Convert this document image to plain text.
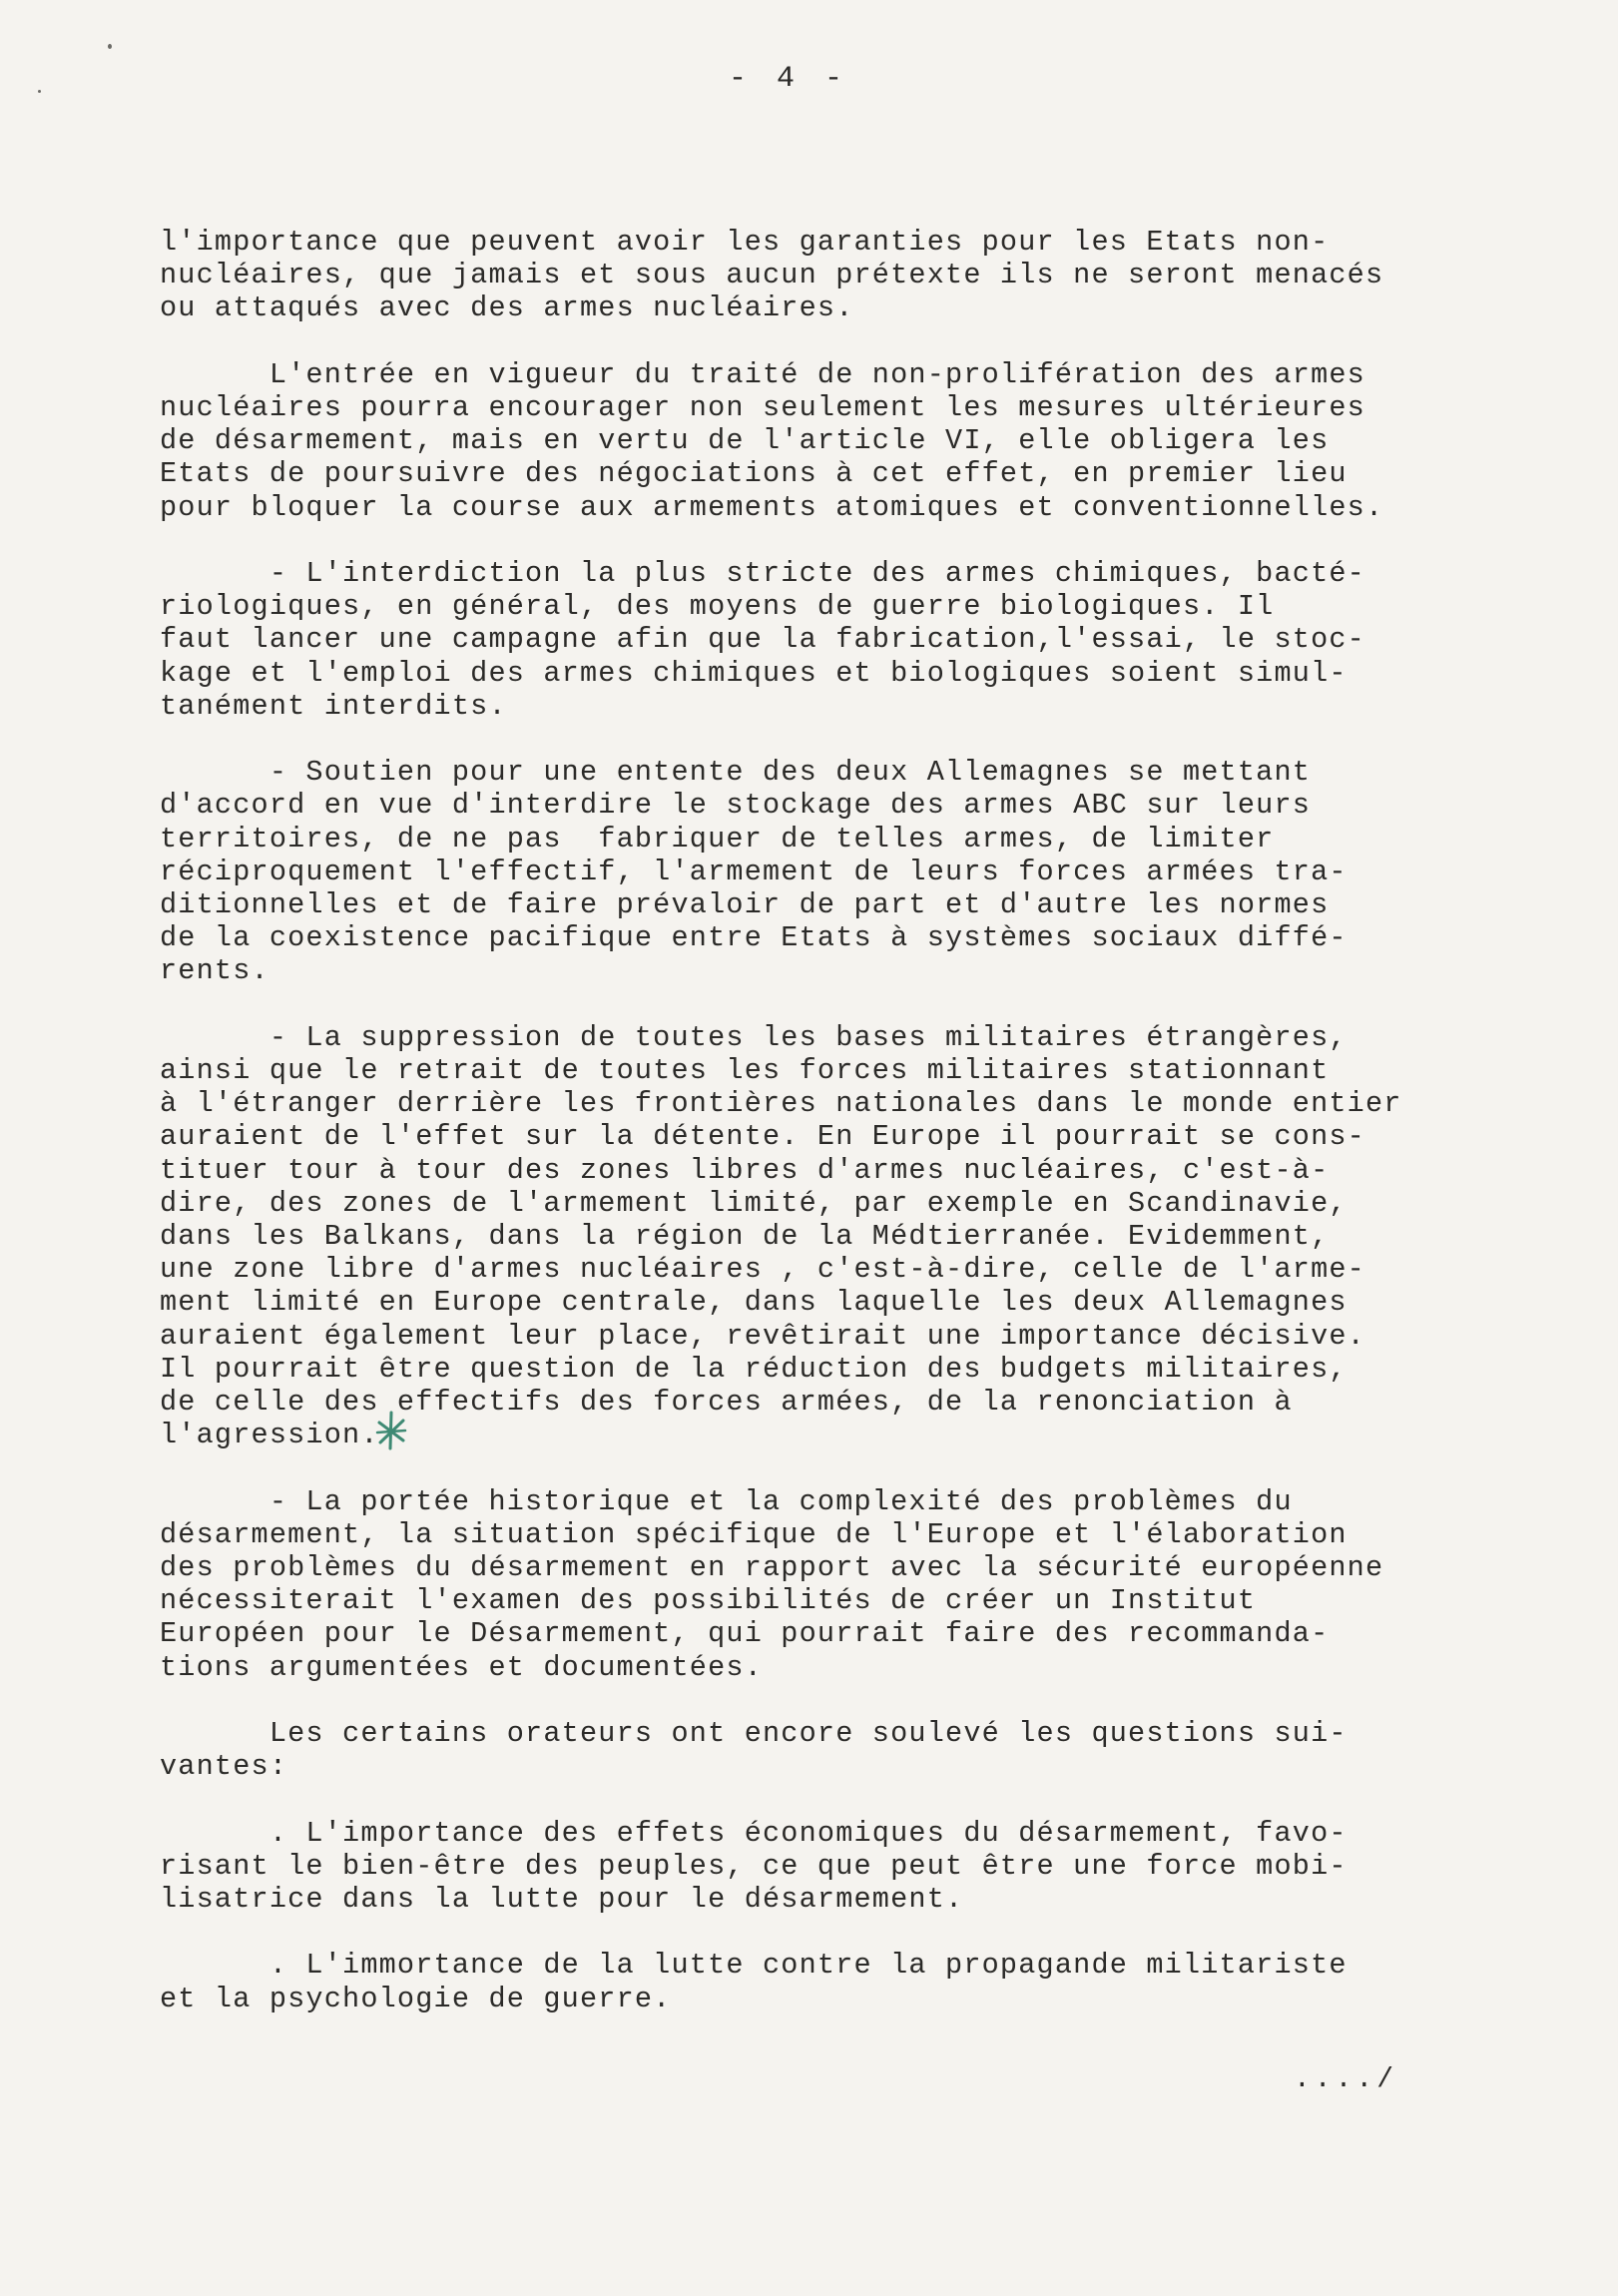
- 4 -
l'importance que peuvent avoir les garanties pour les Etats non-
nucléaires, que jamais et sous aucun prétexte ils ne seront menacés
ou attaqués avec des armes nucléaires.
L'entrée en vigueur du traité de non-prolifération des armes
nucléaires pourra encourager non seulement les mesures ultérieures
de désarmement, mais en vertu de l'article VI, elle obligera les
Etats de poursuivre des négociations à cet effet, en premier lieu
pour bloquer la course aux armements atomiques et conventionnelles.
- L'interdiction la plus stricte des armes chimiques, bacté-
riologiques, en général, des moyens de guerre biologiques. Il
faut lancer une campagne afin que la fabrication,l'essai, le stoc-
kage et l'emploi des armes chimiques et biologiques soient simul-
tanément interdits.
- Soutien pour une entente des deux Allemagnes se mettant
d'accord en vue d'interdire le stockage des armes ABC sur leurs
territoires, de ne pas  fabriquer de telles armes, de limiter
réciproquement l'effectif, l'armement de leurs forces armées tra-
ditionnelles et de faire prévaloir de part et d'autre les normes
de la coexistence pacifique entre Etats à systèmes sociaux diffé-
rents.
- La suppression de toutes les bases militaires étrangères,
ainsi que le retrait de toutes les forces militaires stationnant
à l'étranger derrière les frontières nationales dans le monde entier
auraient de l'effet sur la détente. En Europe il pourrait se cons-
tituer tour à tour des zones libres d'armes nucléaires, c'est-à-
dire, des zones de l'armement limité, par exemple en Scandinavie,
dans les Balkans, dans la région de la Médtierranée. Evidemment,
une zone libre d'armes nucléaires , c'est-à-dire, celle de l'arme-
ment limité en Europe centrale, dans laquelle les deux Allemagnes
auraient également leur place, revêtirait une importance décisive.
Il pourrait être question de la réduction des budgets militaires,
de celle des effectifs des forces armées, de la renonciation à
l'agression.
- La portée historique et la complexité des problèmes du
désarmement, la situation spécifique de l'Europe et l'élaboration
des problèmes du désarmement en rapport avec la sécurité européenne
nécessiterait l'examen des possibilités de créer un Institut
Européen pour le Désarmement, qui pourrait faire des recommanda-
tions argumentées et documentées.
Les certains orateurs ont encore soulevé les questions sui-
vantes:
. L'importance des effets économiques du désarmement, favo-
risant le bien-être des peuples, ce que peut être une force mobi-
lisatrice dans la lutte pour le désarmement.
. L'immortance de la lutte contre la propagande militariste
et la psychologie de guerre.
..../
